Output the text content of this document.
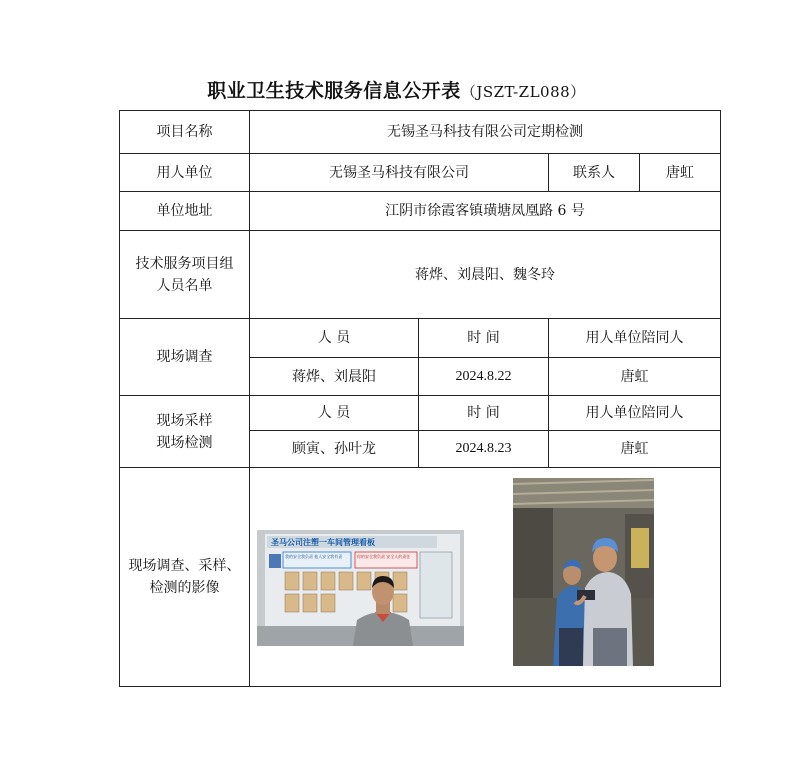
职业卫生技术服务信息公开表（JSZT-ZL088）
项目名称	无锡圣马科技有限公司定期检测			
用人单位	无锡圣马科技有限公司		联系人	唐虹
单位地址	江阴市徐霞客镇璜塘凤凰路 6 号			
技术服务项目组人员名单	蒋烨、刘晨阳、魏冬玲			
现场调查	人 员	时 间	用人单位陪同人	
	蒋烨、刘晨阳	2024.8.22	唐虹	
现场采样现场检测	人 员	时 间	用人单位陪同人	
	顾寅、孙叶龙	2024.8.23	唐虹	
现场调查、采样、检测的影像	圣马公司注塑一车间管理看板
我的安全我负责 他人安全我有责 你的安全我负责 安全人的责任			
